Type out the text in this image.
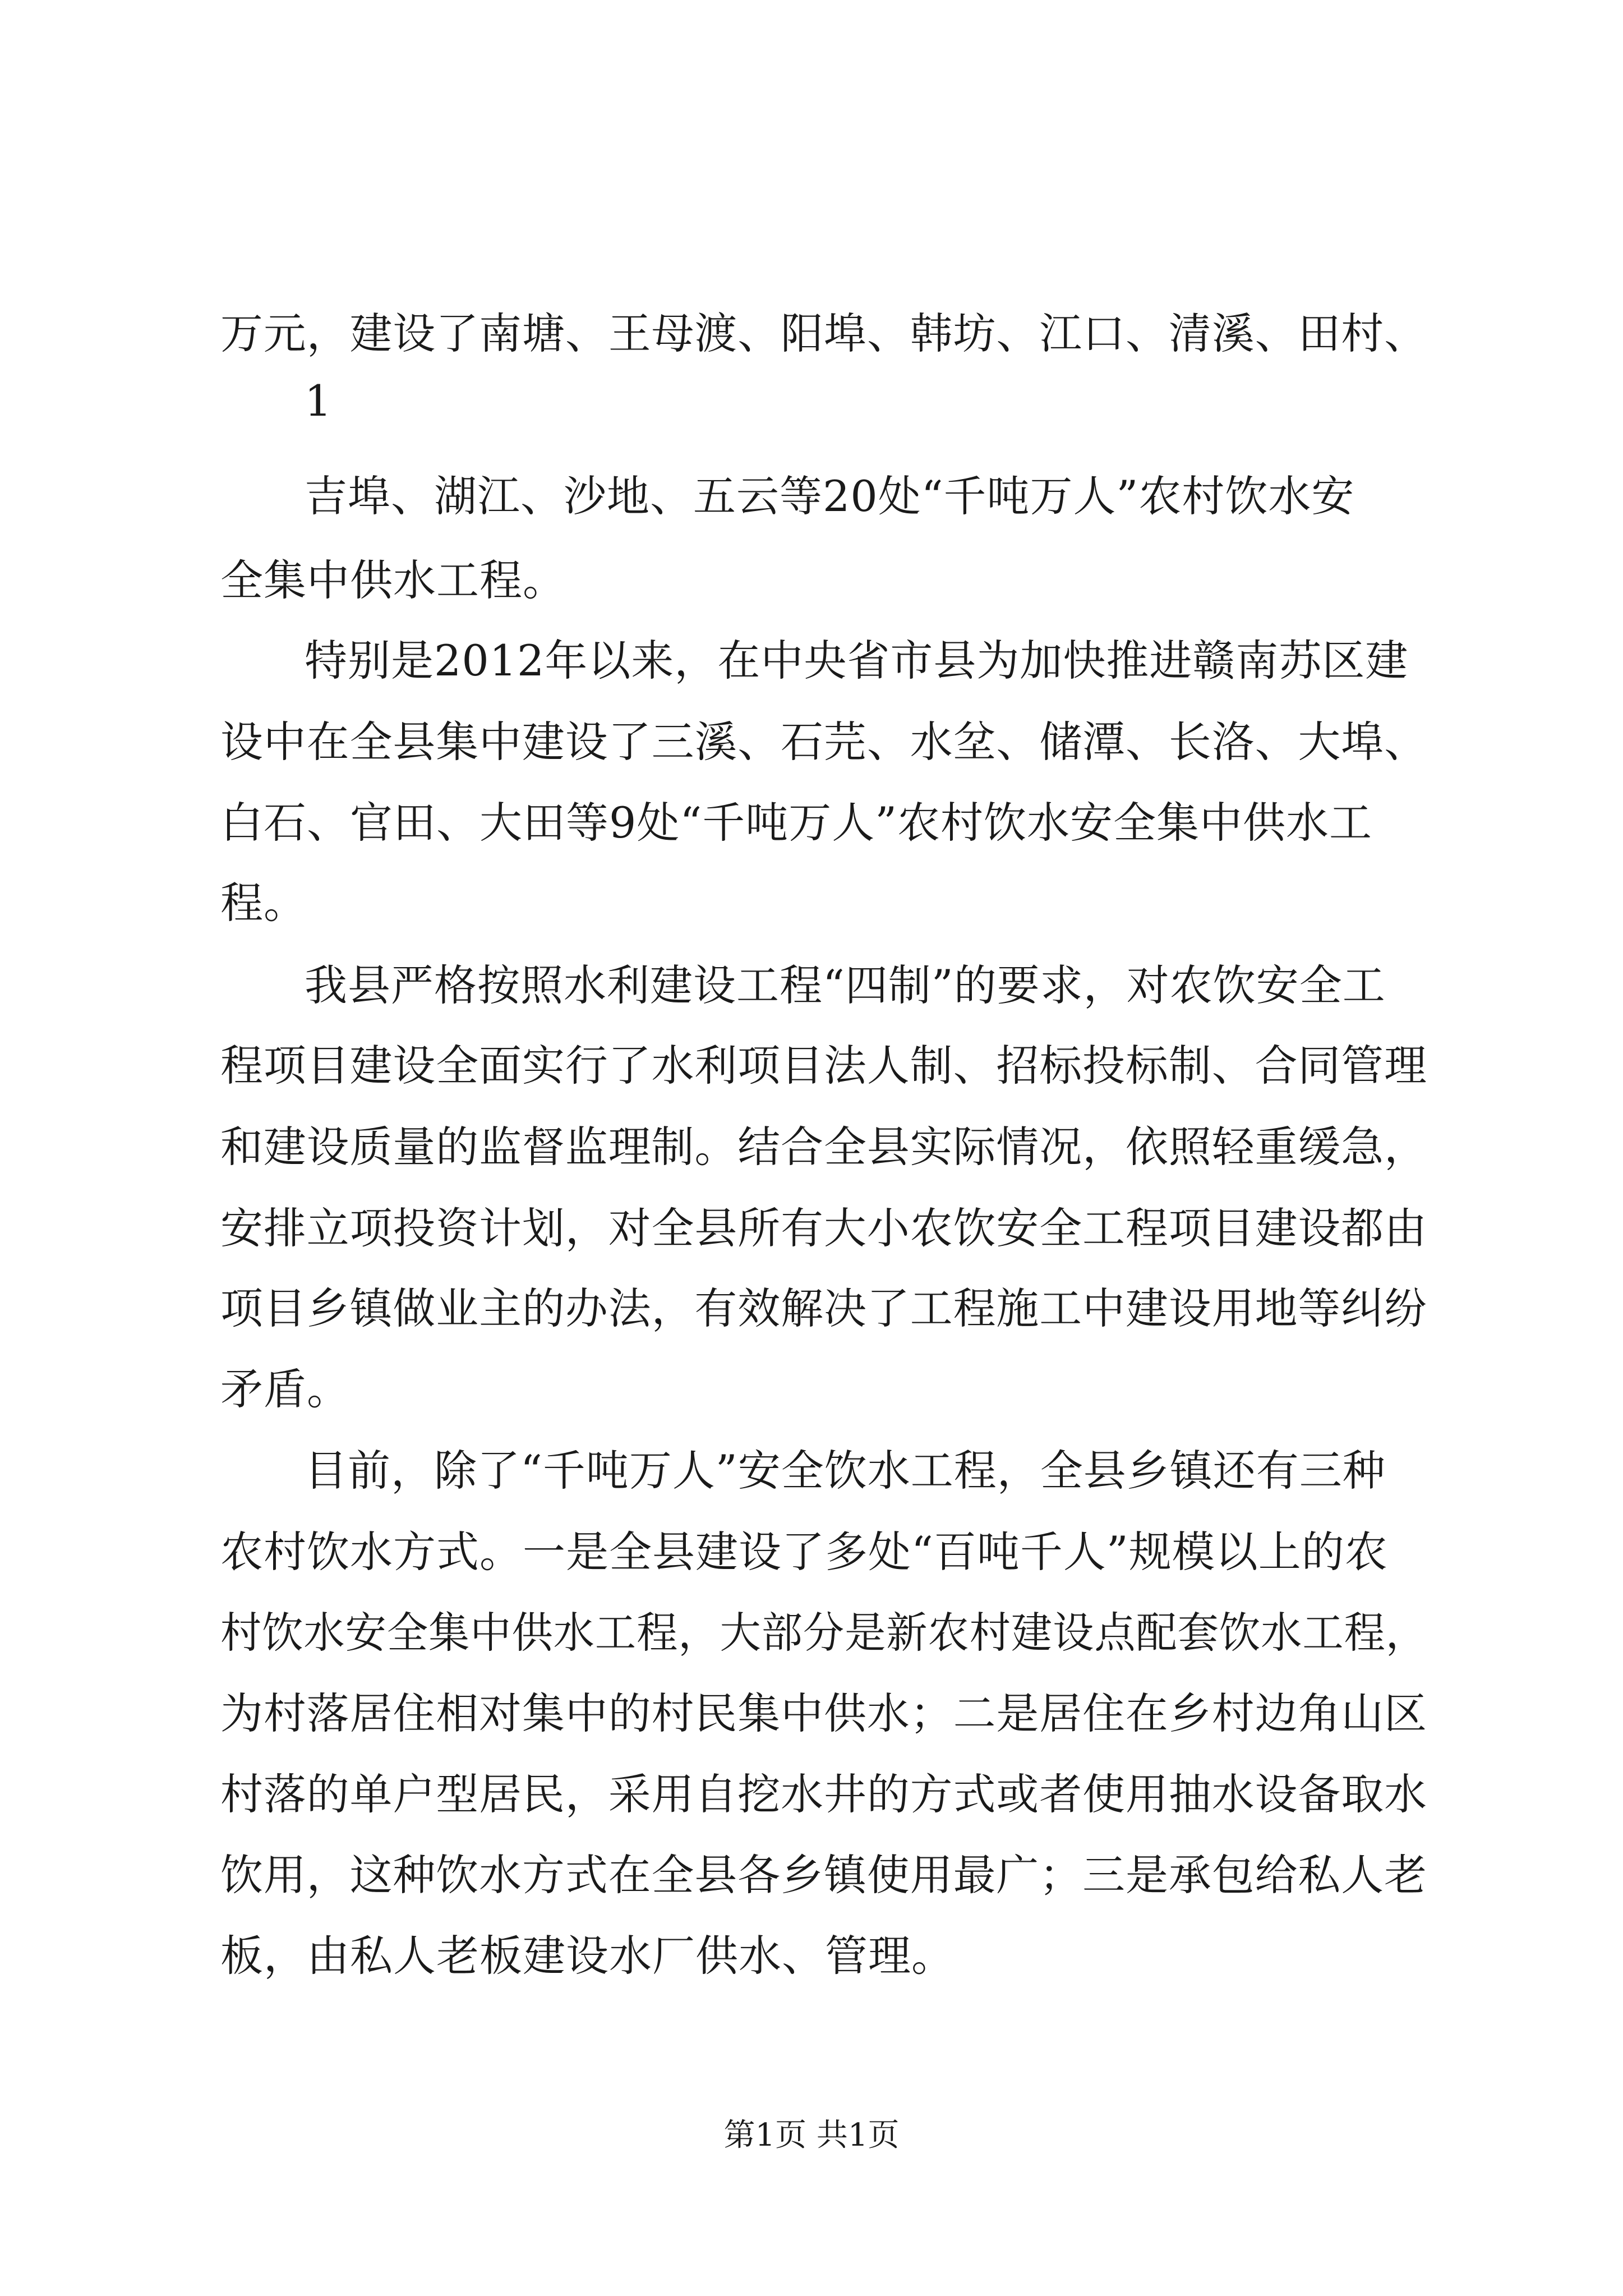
万元，建设了南塘、王母渡、阳埠、韩坊、江口、清溪、田村、
1
吉埠、湖江、沙地、五云等20处“千吨万人”农村饮水安
全集中供水工程。
特别是2012年以来，在中央省市县为加快推进赣南苏区建
设中在全县集中建设了三溪、石芫、水坌、储潭、长洛、大埠、
白石、官田、大田等9处“千吨万人”农村饮水安全集中供水工
程。
我县严格按照水利建设工程“四制”的要求，对农饮安全工
程项目建设全面实行了水利项目法人制、招标投标制、合同管理
和建设质量的监督监理制。结合全县实际情况，依照轻重缓急，
安排立项投资计划，对全县所有大小农饮安全工程项目建设都由
项目乡镇做业主的办法，有效解决了工程施工中建设用地等纠纷
矛盾。
目前，除了“千吨万人”安全饮水工程，全县乡镇还有三种
农村饮水方式。一是全县建设了多处“百吨千人”规模以上的农
村饮水安全集中供水工程，大部分是新农村建设点配套饮水工程，
为村落居住相对集中的村民集中供水；二是居住在乡村边角山区
村落的单户型居民，采用自挖水井的方式或者使用抽水设备取水
饮用，这种饮水方式在全县各乡镇使用最广；三是承包给私人老
板，由私人老板建设水厂供水、管理。
第1页 共1页
